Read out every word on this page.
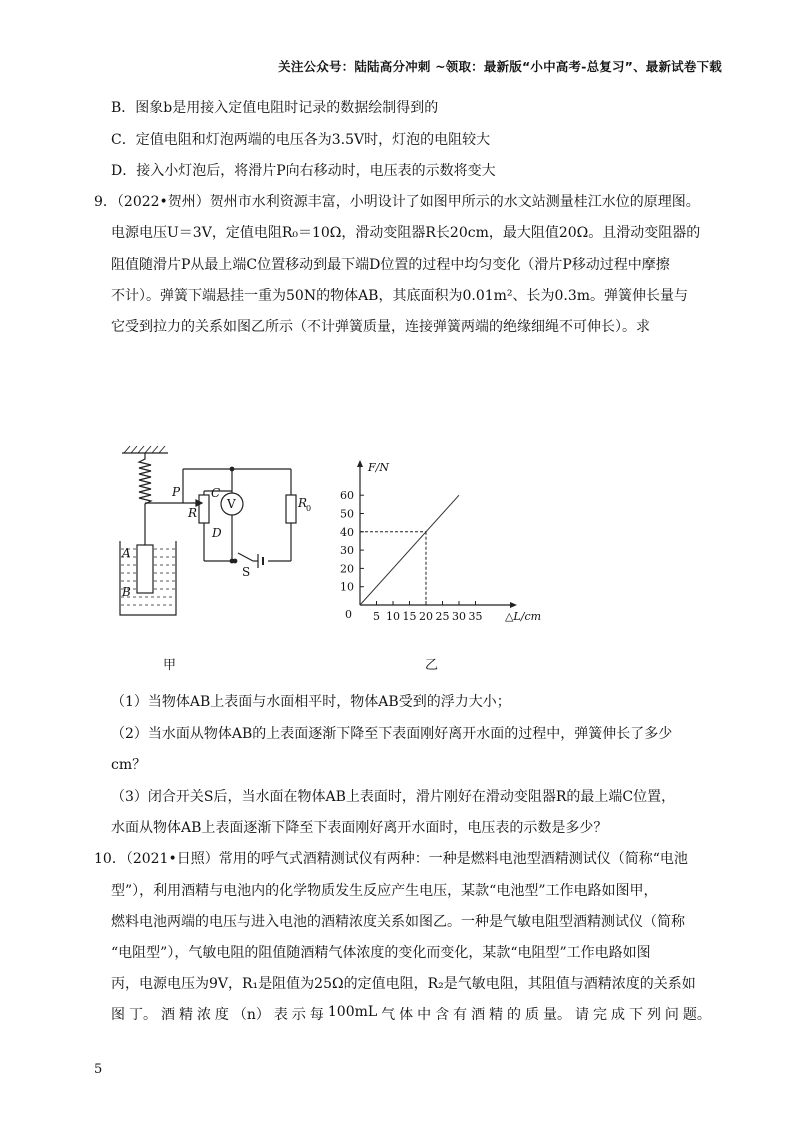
关注公众号：陆陆高分冲刺 ~领取：最新版“小中高考-总复习”、最新试卷下载
B．图象b是用接入定值电阻时记录的数据绘制得到的
C．定值电阻和灯泡两端的电压各为3.5V时，灯泡的电阻较大
D．接入小灯泡后，将滑片P向右移动时，电压表的示数将变大
9．（2022•贺州）贺州市水利资源丰富，小明设计了如图甲所示的水文站测量桂江水位的原理图。
电源电压U＝3V，定值电阻R₀＝10Ω，滑动变阻器R长20cm，最大阻值20Ω。且滑动变阻器的
阻值随滑片P从最上端C位置移动到最下端D位置的过程中均匀变化（滑片P移动过程中摩擦
不计）。弹簧下端悬挂一重为50N的物体AB，其底面积为0.01m²、长为0.3m。弹簧伸长量与
它受到拉力的关系如图乙所示（不计弹簧质量，连接弹簧两端的绝缘细绳不可伸长）。求
P	C
R
D
V	R
0
S
A
B
5 10 15 20 25 30 35
10
20
30
40
50
60
0
F/N
△L/cm
甲	乙
（1）当物体AB上表面与水面相平时，物体AB受到的浮力大小；
（2）当水面从物体AB的上表面逐渐下降至下表面刚好离开水面的过程中，弹簧伸长了多少
cm？
（3）闭合开关S后，当水面在物体AB上表面时，滑片刚好在滑动变阻器R的最上端C位置，
水面从物体AB上表面逐渐下降至下表面刚好离开水面时，电压表的示数是多少？
10．（2021•日照）常用的呼气式酒精测试仪有两种：一种是燃料电池型酒精测试仪（简称“电池
型”），利用酒精与电池内的化学物质发生反应产生电压，某款“电池型”工作电路如图甲，
燃料电池两端的电压与进入电池的酒精浓度关系如图乙。一种是气敏电阻型酒精测试仪（简称
“电阻型”），气敏电阻的阻值随酒精气体浓度的变化而变化，某款“电阻型”工作电路如图
丙，电源电压为9V，R₁是阻值为25Ω的定值电阻，R₂是气敏电阻，其阻值与酒精浓度的关系如
图 丁。 酒 精 浓 度 （n） 表 示 每 100mL 气 体 中 含 有 酒 精 的 质 量。 请 完 成 下 列 问 题。
5
